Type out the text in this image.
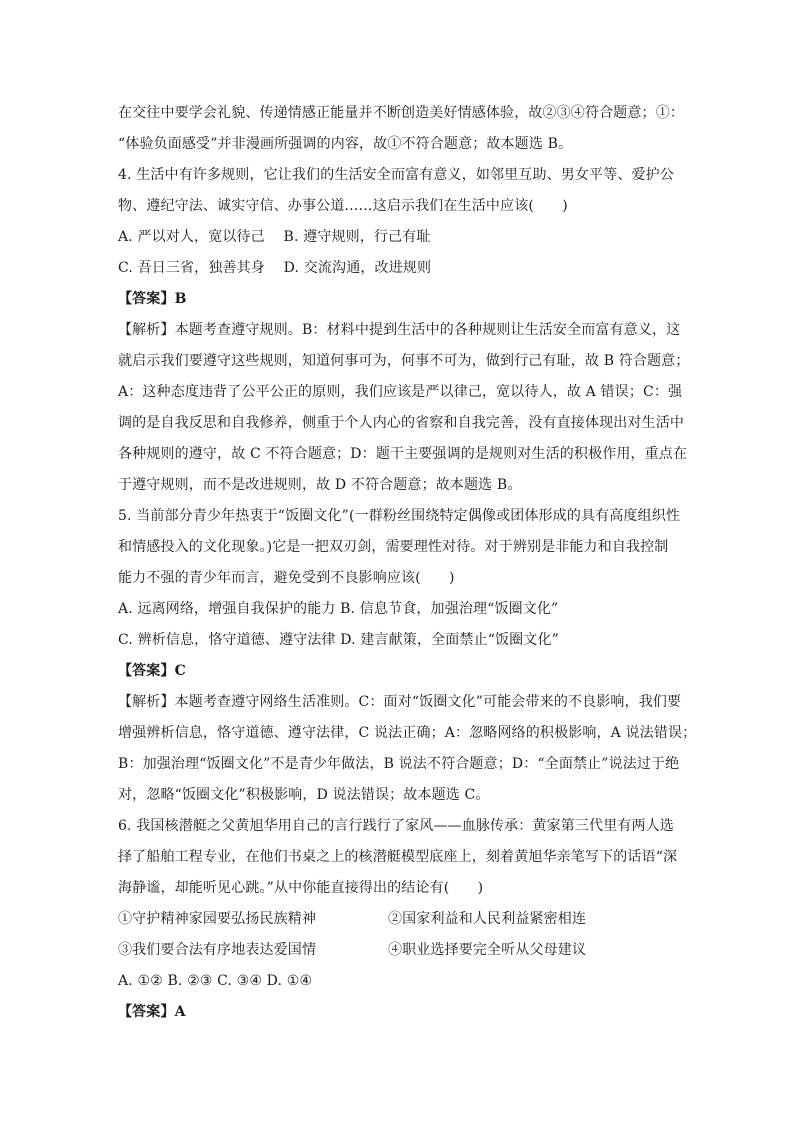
在交往中要学会礼貌、传递情感正能量并不断创造美好情感体验，故②③④符合题意；①：
“体验负面感受”并非漫画所强调的内容，故①不符合题意；故本题选 B。
4. 生活中有许多规则，它让我们的生活安全而富有意义，如邻里互助、男女平等、爱护公
物、遵纪守法、诚实守信、办事公道……这启示我们在生活中应该(　　)
A. 严以对人，宽以待己　 B. 遵守规则，行己有耻
C. 吾日三省，独善其身　 D. 交流沟通，改进规则
【答案】B
【解析】本题考查遵守规则。B：材料中提到生活中的各种规则让生活安全而富有意义，这
就启示我们要遵守这些规则，知道何事可为，何事不可为，做到行己有耻，故 B 符合题意；
A：这种态度违背了公平公正的原则，我们应该是严以律己，宽以待人，故 A 错误；C：强
调的是自我反思和自我修养，侧重于个人内心的省察和自我完善，没有直接体现出对生活中
各种规则的遵守，故 C 不符合题意；D：题干主要强调的是规则对生活的积极作用，重点在
于遵守规则，而不是改进规则，故 D 不符合题意；故本题选 B。
5. 当前部分青少年热衷于“饭圈文化”(一群粉丝围绕特定偶像或团体形成的具有高度组织性
和情感投入的文化现象。)它是一把双刃剑，需要理性对待。对于辨别是非能力和自我控制
能力不强的青少年而言，避免受到不良影响应该(　　)
A. 远离网络，增强自我保护的能力 B. 信息节食，加强治理“饭圈文化”
C. 辨析信息，恪守道德、遵守法律 D. 建言献策，全面禁止“饭圈文化”
【答案】C
【解析】本题考查遵守网络生活准则。C：面对“饭圈文化”可能会带来的不良影响，我们要
增强辨析信息，恪守道德、遵守法律，C 说法正确；A：忽略网络的积极影响，A 说法错误；
B：加强治理“饭圈文化”不是青少年做法，B 说法不符合题意；D：“全面禁止”说法过于绝
对，忽略“饭圈文化”积极影响，D 说法错误；故本题选 C。
6. 我国核潜艇之父黄旭华用自己的言行践行了家风——血脉传承：黄家第三代里有两人选
择了船舶工程专业，在他们书桌之上的核潜艇模型底座上，刻着黄旭华亲笔写下的话语“深
海静谧，却能听见心跳。”从中你能直接得出的结论有(　　)
①守护精神家园要弘扬民族精神	②国家利益和人民利益紧密相连
③我们要合法有序地表达爱国情	④职业选择要完全听从父母建议
A. ①② B. ②③ C. ③④ D. ①④
【答案】A
